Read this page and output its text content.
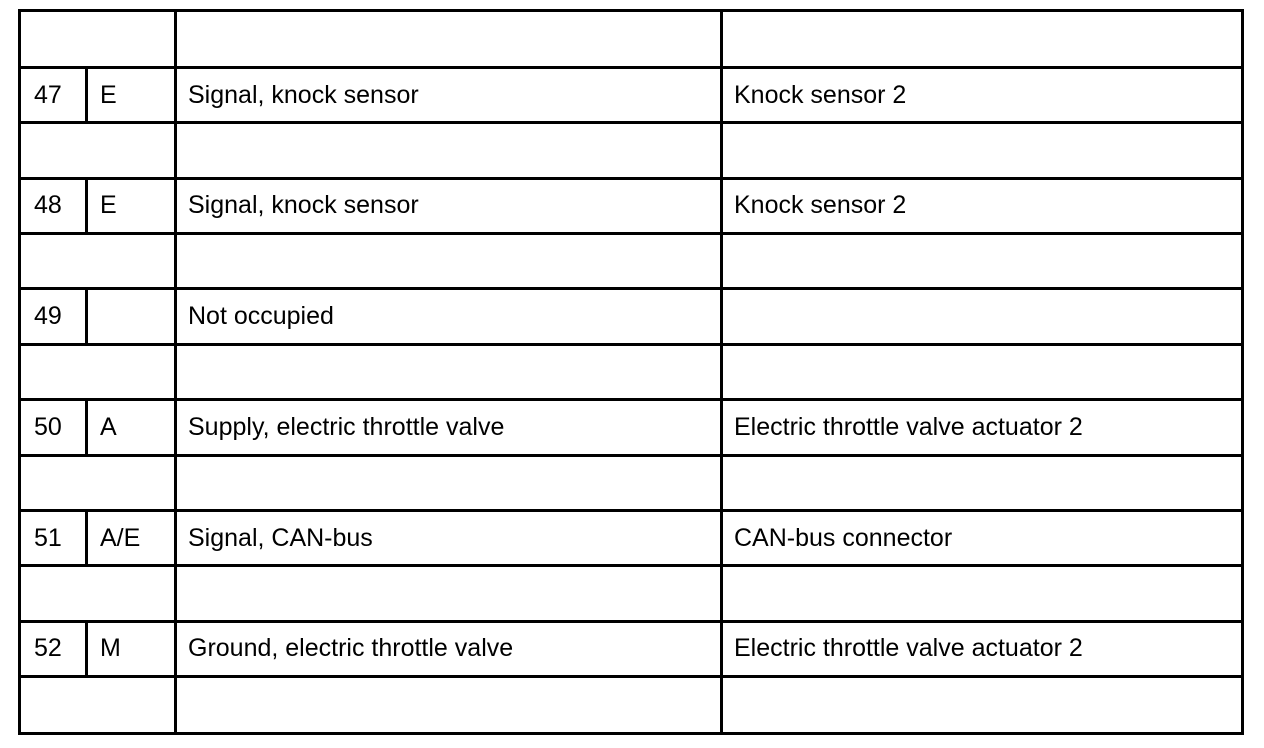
47 E	Signal, knock sensor	Knock sensor 2
48 E	Signal, knock sensor	Knock sensor 2
49	Not occupied
50 A	Supply, electric throttle valve	Electric throttle valve actuator 2
51 A/E Signal, CAN-bus	CAN-bus connector
52 M	Ground, electric throttle valve	Electric throttle valve actuator 2
